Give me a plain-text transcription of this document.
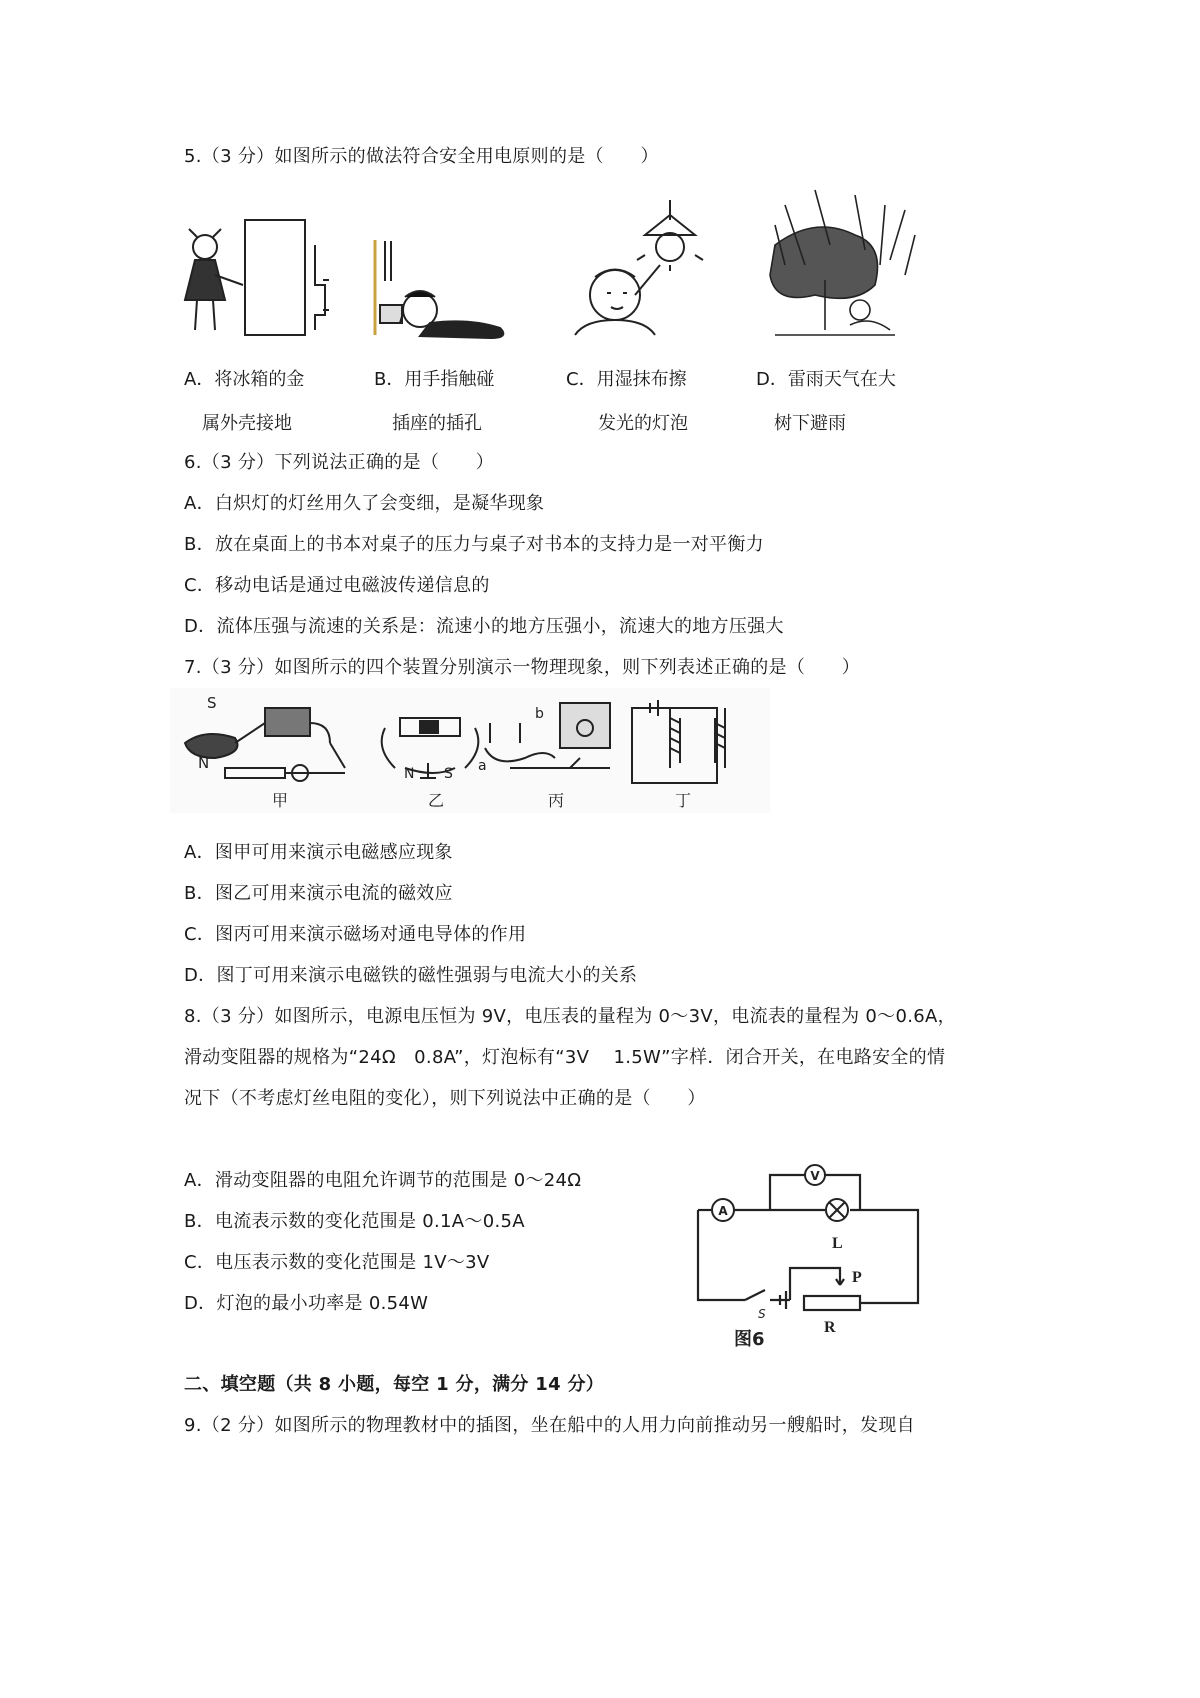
5.（3 分）如图所示的做法符合安全用电原则的是（　　）
A．将冰箱的金
属外壳接地
B．用手指触碰
插座的插孔
C．用湿抹布擦
发光的灯泡
D．雷雨天气在大
树下避雨
6.（3 分）下列说法正确的是（　　）
A．白炽灯的灯丝用久了会变细，是凝华现象
B．放在桌面上的书本对桌子的压力与桌子对书本的支持力是一对平衡力
C．移动电话是通过电磁波传递信息的
D．流体压强与流速的关系是：流速小的地方压强小，流速大的地方压强大
7.（3 分）如图所示的四个装置分别演示一物理现象，则下列表述正确的是（　　）
S
N
甲
N S
乙
b
a
丙	丁
A．图甲可用来演示电磁感应现象
B．图乙可用来演示电流的磁效应
C．图丙可用来演示磁场对通电导体的作用
D．图丁可用来演示电磁铁的磁性强弱与电流大小的关系
8.（3 分）如图所示，电源电压恒为 9V，电压表的量程为 0～3V，电流表的量程为 0～0.6A，
滑动变阻器的规格为“24Ω　0.8A”，灯泡标有“3V　 1.5W”字样．闭合开关，在电路安全的情
况下（不考虑灯丝电阻的变化），则下列说法中正确的是（　　）
A．滑动变阻器的电阻允许调节的范围是 0～24Ω
B．电流表示数的变化范围是 0.1A～0.5A
C．电压表示数的变化范围是 1V～3V
D．灯泡的最小功率是 0.54W
A
V
L
P
R
S
图6
二、填空题（共 8 小题，每空 1 分，满分 14 分）
9.（2 分）如图所示的物理教材中的插图，坐在船中的人用力向前推动另一艘船时，发现自
